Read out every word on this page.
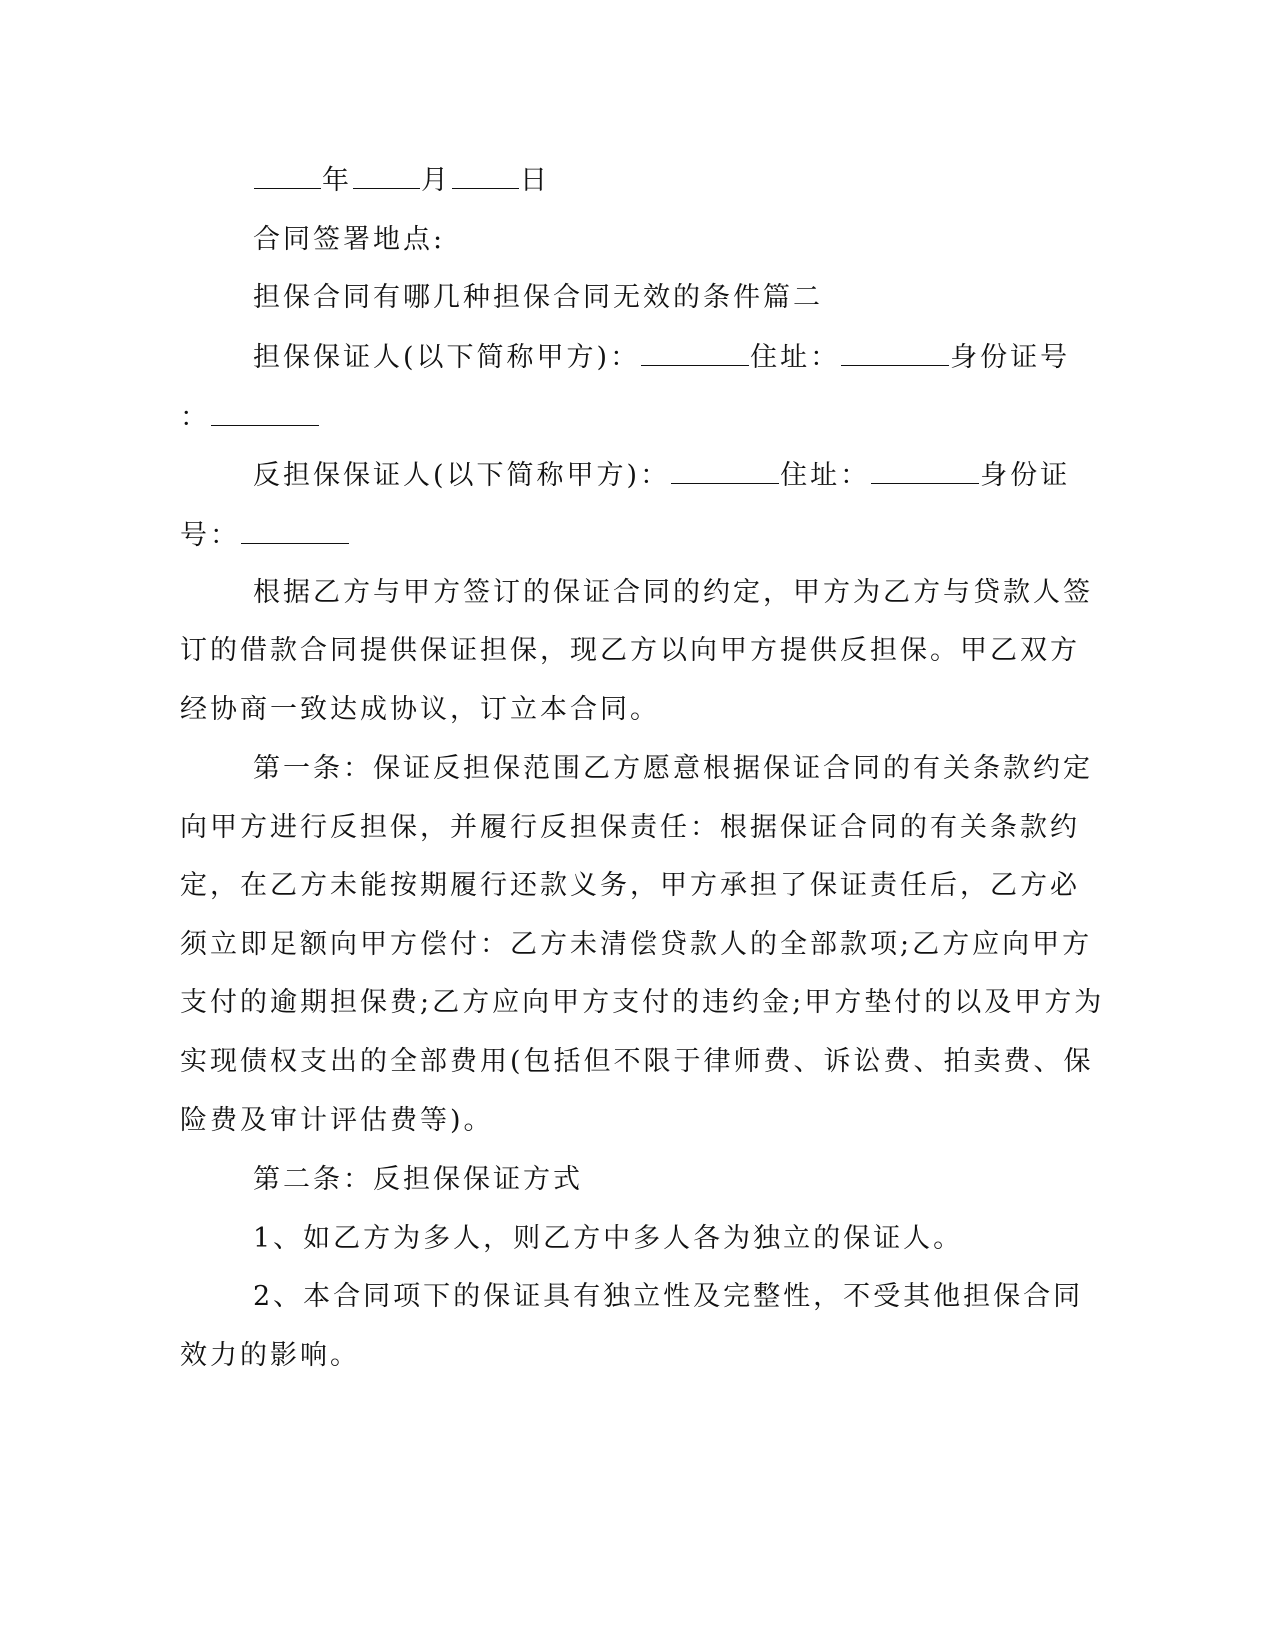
年	月	日
合同签署地点:
担保合同有哪几种担保合同无效的条件篇二
担保保证人(以下简称甲方)：	住址：	身份证号
：
反担保保证人(以下简称甲方)：	住址：	身份证
号：
根据乙方与甲方签订的保证合同的约定，甲方为乙方与贷款人签
订的借款合同提供保证担保，现乙方以向甲方提供反担保。甲乙双方
经协商一致达成协议，订立本合同。
第一条：保证反担保范围乙方愿意根据保证合同的有关条款约定
向甲方进行反担保，并履行反担保责任：根据保证合同的有关条款约
定，在乙方未能按期履行还款义务，甲方承担了保证责任后，乙方必
须立即足额向甲方偿付：乙方未清偿贷款人的全部款项;乙方应向甲方
支付的逾期担保费;乙方应向甲方支付的违约金;甲方垫付的以及甲方为
实现债权支出的全部费用(包括但不限于律师费、诉讼费、拍卖费、保
险费及审计评估费等)。
第二条：反担保保证方式
1、如乙方为多人，则乙方中多人各为独立的保证人。
2、本合同项下的保证具有独立性及完整性，不受其他担保合同
效力的影响。
